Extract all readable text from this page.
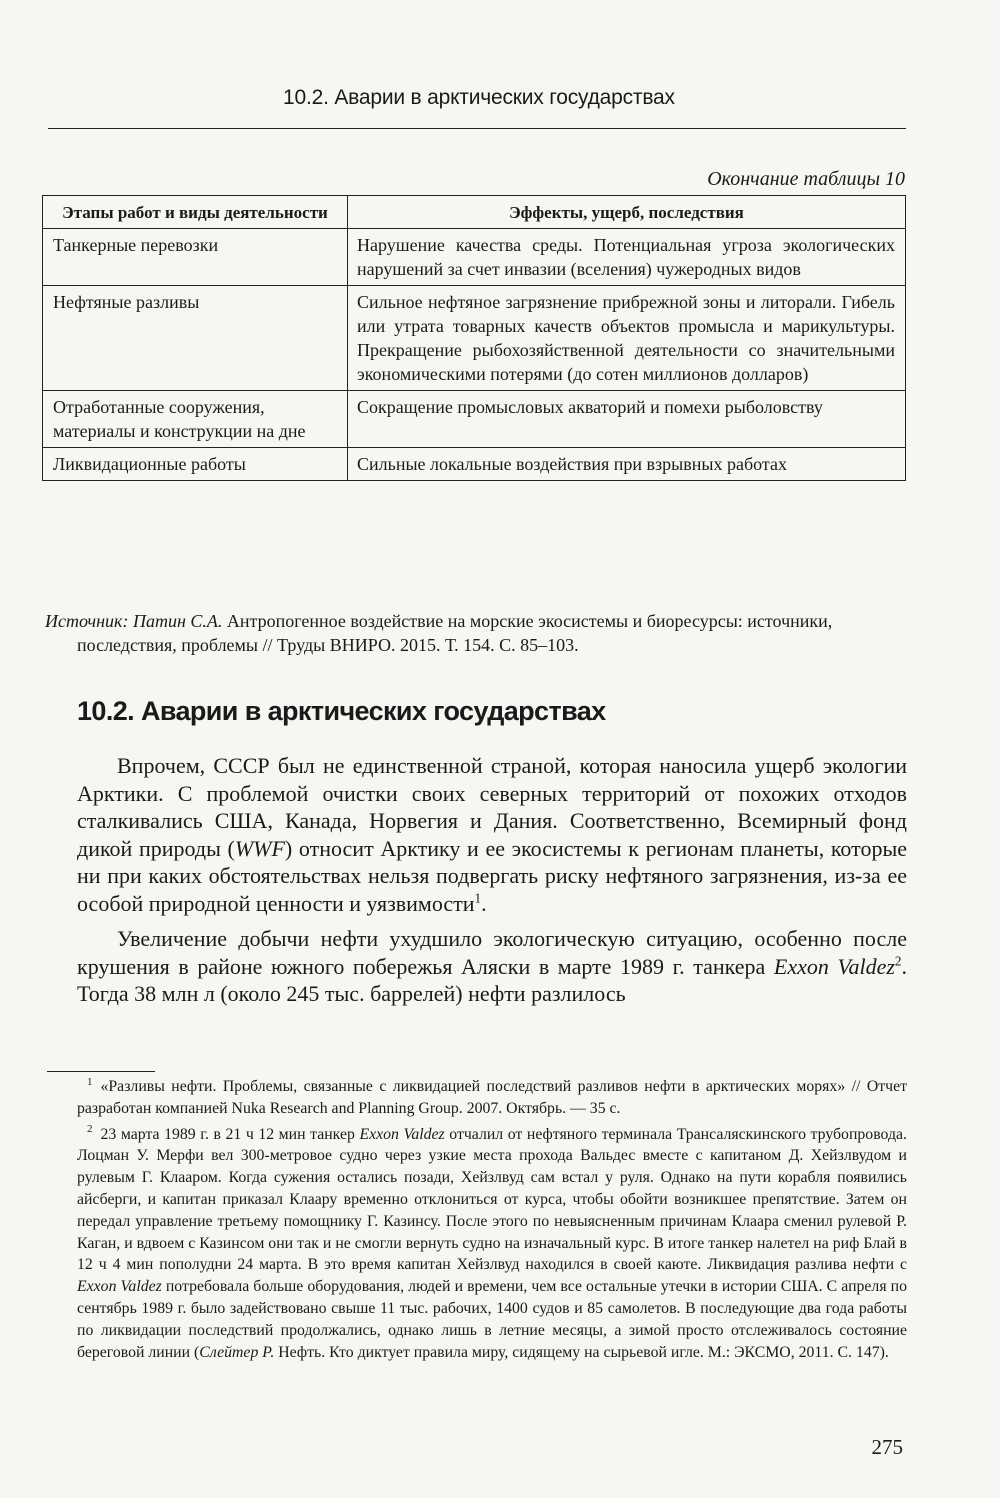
10.2. Аварии в арктических государствах
Окончание таблицы 10
Этапы работ и виды деятельности	Эффекты, ущерб, последствия
Танкерные перевозки	Нарушение качества среды. Потенциальная угроза экологических нарушений за счет инвазии (вселения) чужеродных видов
Нефтяные разливы	Сильное нефтяное загрязнение прибрежной зоны и литорали. Гибель или утрата товарных качеств объектов промысла и марикультуры. Прекращение рыбохозяйственной деятельности со значительными экономическими потерями (до сотен миллионов долларов)
Отработанные сооружения, материалы и конструкции на дне	Сокращение промысловых акваторий и помехи рыболовству
Ликвидационные работы	Сильные локальные воздействия при взрывных работах
Источник: Патин С.А. Антропогенное воздействие на морские экосистемы и биоресурсы: источники, последствия, проблемы // Труды ВНИРО. 2015. Т. 154. С. 85–103.
10.2. Аварии в арктических государствах

Впрочем, СССР был не единственной страной, которая наносила ущерб экологии Арктики. С проблемой очистки своих северных территорий от похожих отходов сталкивались США, Канада, Норвегия и Дания. Соответственно, Всемирный фонд дикой природы (WWF) относит Арктику и ее экосистемы к регионам планеты, которые ни при каких обстоятельствах нельзя подвергать риску нефтяного загрязнения, из-за ее особой природной ценности и уязвимости$^1$.

Увеличение добычи нефти ухудшило экологическую ситуацию, особенно после крушения в районе южного побережья Аляски в марте 1989 г. танкера Exxon Valdez$^2$. Тогда 38 млн л (около 245 тыс. баррелей) нефти разлилось

$^1$ «Разливы нефти. Проблемы, связанные с ликвидацией последствий разливов нефти в арктических морях» // Отчет разработан компанией Nuka Research and Planning Group. 2007. Октябрь. — 35 с.

$^2$ 23 марта 1989 г. в 21 ч 12 мин танкер Exxon Valdez отчалил от нефтяного терминала Трансаляскинского трубопровода. Лоцман У. Мерфи вел 300-метровое судно через узкие места прохода Вальдес вместе с капитаном Д. Хейзлвудом и рулевым Г. Клааром. Когда сужения остались позади, Хейзлвуд сам встал у руля. Однако на пути корабля появились айсберги, и капитан приказал Клаару временно отклониться от курса, чтобы обойти возникшее препятствие. Затем он передал управление третьему помощнику Г. Казинсу. После этого по невыясненным причинам Клаара сменил рулевой Р. Каган, и вдвоем с Казинсом они так и не смогли вернуть судно на изначальный курс. В итоге танкер налетел на риф Блай в 12 ч 4 мин пополудни 24 марта. В это время капитан Хейзлвуд находился в своей каюте. Ликвидация разлива нефти с Exxon Valdez потребовала больше оборудования, людей и времени, чем все остальные утечки в истории США. С апреля по сентябрь 1989 г. было задействовано свыше 11 тыс. рабочих, 1400 судов и 85 самолетов. В последующие два года работы по ликвидации последствий продолжались, однако лишь в летние месяцы, а зимой просто отслеживалось состояние береговой линии (Слейтер Р. Нефть. Кто диктует правила миру, сидящему на сырьевой игле. М.: ЭКСМО, 2011. С. 147).

275
